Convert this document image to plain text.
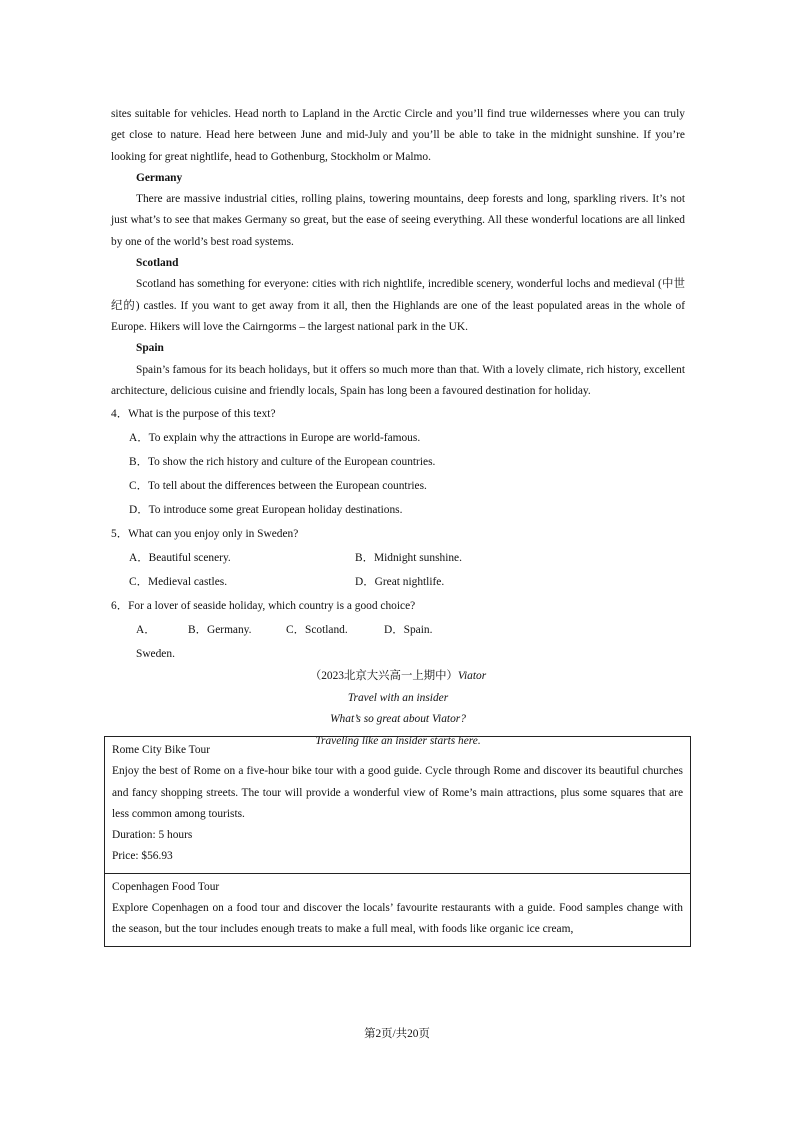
sites suitable for vehicles. Head north to Lapland in the Arctic Circle and you’ll find true wildernesses where you can truly get close to nature. Head here between June and mid-July and you’ll be able to take in the midnight sunshine. If you’re looking for great nightlife, head to Gothenburg, Stockholm or Malmo.

Germany

There are massive industrial cities, rolling plains, towering mountains, deep forests and long, sparkling rivers. It’s not just what’s to see that makes Germany so great, but the ease of seeing everything. All these wonderful locations are all linked by one of the world’s best road systems.

Scotland

Scotland has something for everyone: cities with rich nightlife, incredible scenery, wonderful lochs and medieval (中世纪的) castles. If you want to get away from it all, then the Highlands are one of the least populated areas in the whole of Europe. Hikers will love the Cairngorms – the largest national park in the UK.

Spain

Spain’s famous for its beach holidays, but it offers so much more than that. With a lovely climate, rich history, excellent architecture, delicious cuisine and friendly locals, Spain has long been a favoured destination for holiday.

4．What is the purpose of this text?

A．To explain why the attractions in Europe are world-famous.

B．To show the rich history and culture of the European countries.

C．To tell about the differences between the European countries.

D．To introduce some great European holiday destinations.

5．What can you enjoy only in Sweden?

A．Beautiful scenery.	B．Midnight sunshine.
C．Medieval castles.	D．Great nightlife.

6．For a lover of seaside holiday, which country is a good choice?

A．Sweden.
B．Germany.	C．Scotland.	D．Spain.

（2023北京大兴高一上期中）Viator

Travel with an insider

What’s so great about Viator?

Traveling like an insider starts here.

Rome City Bike Tour

Enjoy the best of Rome on a five-hour bike tour with a good guide. Cycle through Rome and discover its beautiful churches and fancy shopping streets. The tour will provide a wonderful view of Rome’s main attractions, plus some squares that are less common among tourists.

Duration: 5 hours

Price: $56.93

Copenhagen Food Tour

Explore Copenhagen on a food tour and discover the locals’ favourite restaurants with a guide. Food samples change with the season, but the tour includes enough treats to make a full meal, with foods like organic ice cream,

第2页/共20页
